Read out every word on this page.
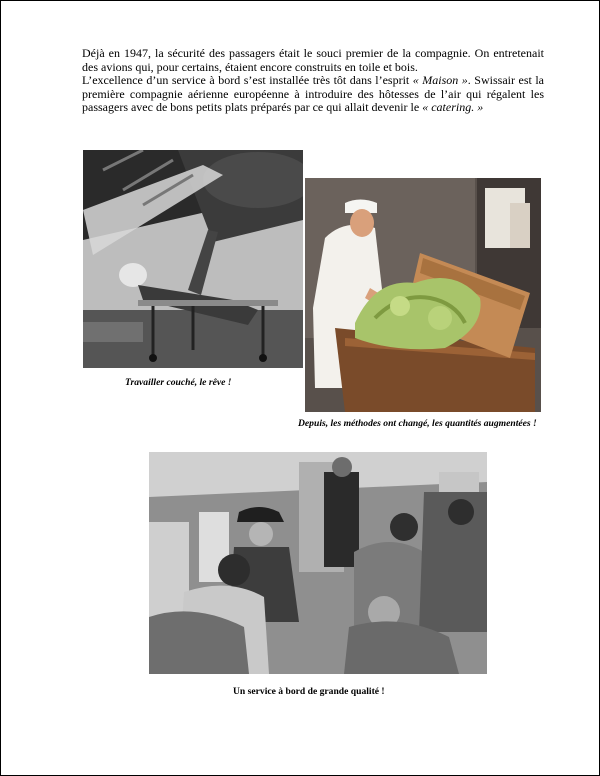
Déjà en 1947, la sécurité des passagers était le souci premier de la compagnie. On entretenait des avions qui, pour certains, étaient encore construits en toile et bois.

L’excellence d’un service à bord s’est installée très tôt dans l’esprit « Maison ». Swissair est la première compagnie aérienne européenne à introduire des hôtesses de l’air qui régalent les passagers avec de bons petits plats préparés par ce qui allait devenir le « catering. »

Travailler couché, le rêve !
Depuis, les méthodes ont changé, les quantités augmentées !
Un service à bord de grande qualité !
